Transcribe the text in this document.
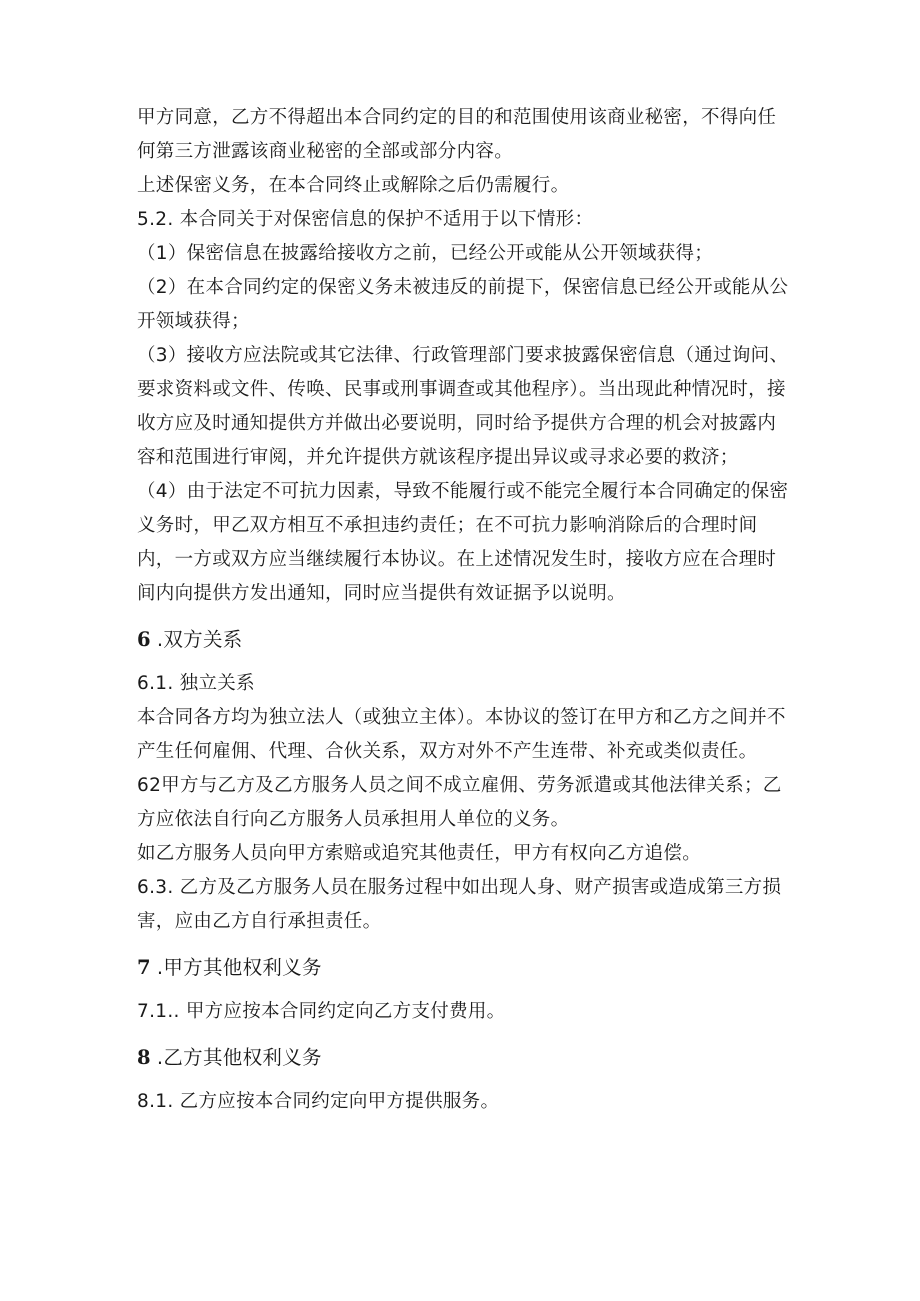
甲方同意，乙方不得超出本合同约定的目的和范围使用该商业秘密，不得向任何第三方泄露该商业秘密的全部或部分内容。

上述保密义务，在本合同终止或解除之后仍需履行。

5.2. 本合同关于对保密信息的保护不适用于以下情形：

（1）保密信息在披露给接收方之前，已经公开或能从公开领域获得；

（2）在本合同约定的保密义务未被违反的前提下，保密信息已经公开或能从公开领域获得；

（3）接收方应法院或其它法律、行政管理部门要求披露保密信息（通过询问、要求资料或文件、传唤、民事或刑事调查或其他程序）。当出现此种情况时，接收方应及时通知提供方并做出必要说明，同时给予提供方合理的机会对披露内容和范围进行审阅，并允许提供方就该程序提出异议或寻求必要的救济；

（4）由于法定不可抗力因素，导致不能履行或不能完全履行本合同确定的保密义务时，甲乙双方相互不承担违约责任；在不可抗力影响消除后的合理时间内，一方或双方应当继续履行本协议。在上述情况发生时，接收方应在合理时间内向提供方发出通知，同时应当提供有效证据予以说明。

6 .双方关系

6.1. 独立关系

本合同各方均为独立法人（或独立主体）。本协议的签订在甲方和乙方之间并不产生任何雇佣、代理、合伙关系，双方对外不产生连带、补充或类似责任。

62甲方与乙方及乙方服务人员之间不成立雇佣、劳务派遣或其他法律关系；乙方应依法自行向乙方服务人员承担用人单位的义务。

如乙方服务人员向甲方索赔或追究其他责任，甲方有权向乙方追偿。

6.3. 乙方及乙方服务人员在服务过程中如出现人身、财产损害或造成第三方损害，应由乙方自行承担责任。

7 .甲方其他权利义务

7.1.. 甲方应按本合同约定向乙方支付费用。

8 .乙方其他权利义务

8.1. 乙方应按本合同约定向甲方提供服务。
